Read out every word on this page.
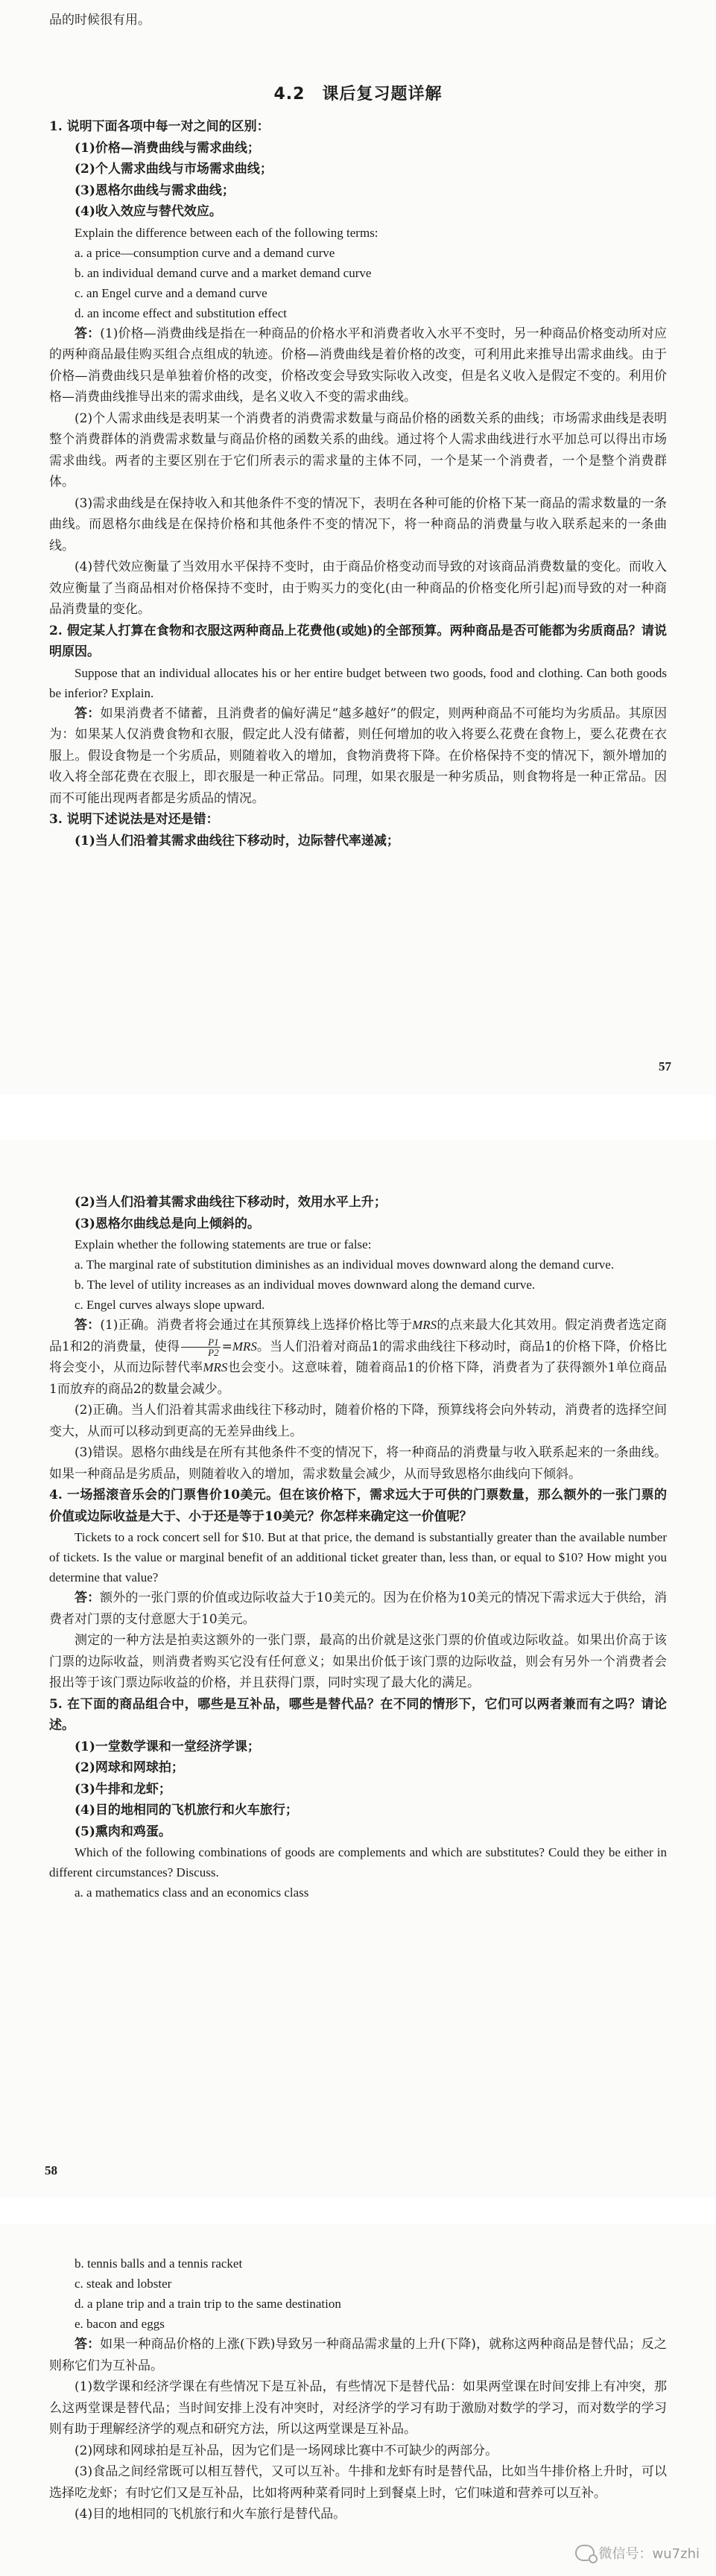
品的时候很有用。
4.2　课后复习题详解

1. 说明下面各项中每一对之间的区别：

(1)价格—消费曲线与需求曲线；

(2)个人需求曲线与市场需求曲线；

(3)恩格尔曲线与需求曲线；

(4)收入效应与替代效应。

Explain the difference between each of the following terms:

a. a price—consumption curve and a demand curve

b. an individual demand curve and a market demand curve

c. an Engel curve and a demand curve

d. an income effect and substitution effect

答：(1)价格—消费曲线是指在一种商品的价格水平和消费者收入水平不变时，另一种商品价格变动所对应的两种商品最佳购买组合点组成的轨迹。价格—消费曲线是着价格的改变，可利用此来推导出需求曲线。由于价格—消费曲线只是单独着价格的改变，价格改变会导致实际收入改变，但是名义收入是假定不变的。利用价格—消费曲线推导出来的需求曲线，是名义收入不变的需求曲线。

(2)个人需求曲线是表明某一个消费者的消费需求数量与商品价格的函数关系的曲线；市场需求曲线是表明整个消费群体的消费需求数量与商品价格的函数关系的曲线。通过将个人需求曲线进行水平加总可以得出市场需求曲线。两者的主要区别在于它们所表示的需求量的主体不同，一个是某一个消费者，一个是整个消费群体。

(3)需求曲线是在保持收入和其他条件不变的情况下，表明在各种可能的价格下某一商品的需求数量的一条曲线。而恩格尔曲线是在保持价格和其他条件不变的情况下，将一种商品的消费量与收入联系起来的一条曲线。

(4)替代效应衡量了当效用水平保持不变时，由于商品价格变动而导致的对该商品消费数量的变化。而收入效应衡量了当商品相对价格保持不变时，由于购买力的变化(由一种商品的价格变化所引起)而导致的对一种商品消费量的变化。

2. 假定某人打算在食物和衣服这两种商品上花费他(或她)的全部预算。两种商品是否可能都为劣质商品？请说明原因。

Suppose that an individual allocates his or her entire budget between two goods, food and clothing. Can both goods be inferior? Explain.

答：如果消费者不储蓄，且消费者的偏好满足“越多越好”的假定，则两种商品不可能均为劣质品。其原因为：如果某人仅消费食物和衣服，假定此人没有储蓄，则任何增加的收入将要么花费在食物上，要么花费在衣服上。假设食物是一个劣质品，则随着收入的增加，食物消费将下降。在价格保持不变的情况下，额外增加的收入将全部花费在衣服上，即衣服是一种正常品。同理，如果衣服是一种劣质品，则食物将是一种正常品。因而不可能出现两者都是劣质品的情况。

3. 说明下述说法是对还是错：

(1)当人们沿着其需求曲线往下移动时，边际替代率递减；

57

(2)当人们沿着其需求曲线往下移动时，效用水平上升；

(3)恩格尔曲线总是向上倾斜的。

Explain whether the following statements are true or false:

a. The marginal rate of substitution diminishes as an individual moves downward along the demand curve.

b. The level of utility increases as an individual moves downward along the demand curve.

c. Engel curves always slope upward.

答：(1)正确。消费者将会通过在其预算线上选择价格比等于MRS的点来最大化其效用。假定消费者选定商品1和2的消费量，使得 $\frac{P1}{P2} =MRS$。当人们沿着对商品1的需求曲线往下移动时，商品1的价格下降，价格比将会变小，从而边际替代率MRS也会变小。这意味着，随着商品1的价格下降，消费者为了获得额外1单位商品1而放弃的商品2的数量会减少。

(2)正确。当人们沿着其需求曲线往下移动时，随着价格的下降，预算线将会向外转动，消费者的选择空间变大，从而可以移动到更高的无差异曲线上。

(3)错误。恩格尔曲线是在所有其他条件不变的情况下，将一种商品的消费量与收入联系起来的一条曲线。如果一种商品是劣质品，则随着收入的增加，需求数量会减少，从而导致恩格尔曲线向下倾斜。

4. 一场摇滚音乐会的门票售价10美元。但在该价格下，需求远大于可供的门票数量，那么额外的一张门票的价值或边际收益是大于、小于还是等于10美元？你怎样来确定这一价值呢？

Tickets to a rock concert sell for $10. But at that price, the demand is substantially greater than the available number of tickets. Is the value or marginal benefit of an additional ticket greater than, less than, or equal to $10? How might you determine that value?

答：额外的一张门票的价值或边际收益大于10美元的。因为在价格为10美元的情况下需求远大于供给，消费者对门票的支付意愿大于10美元。

测定的一种方法是拍卖这额外的一张门票，最高的出价就是这张门票的价值或边际收益。如果出价高于该门票的边际收益，则消费者购买它没有任何意义；如果出价低于该门票的边际收益，则会有另外一个消费者会报出等于该门票边际收益的价格，并且获得门票，同时实现了最大化的满足。

5. 在下面的商品组合中，哪些是互补品，哪些是替代品？在不同的情形下，它们可以两者兼而有之吗？请论述。

(1)一堂数学课和一堂经济学课；

(2)网球和网球拍；

(3)牛排和龙虾；

(4)目的地相同的飞机旅行和火车旅行；

(5)熏肉和鸡蛋。

Which of the following combinations of goods are complements and which are substitutes? Could they be either in different circumstances? Discuss.

a. a mathematics class and an economics class

58

b. tennis balls and a tennis racket

c. steak and lobster

d. a plane trip and a train trip to the same destination

e. bacon and eggs

答：如果一种商品价格的上涨(下跌)导致另一种商品需求量的上升(下降)，就称这两种商品是替代品；反之则称它们为互补品。

(1)数学课和经济学课在有些情况下是互补品，有些情况下是替代品：如果两堂课在时间安排上有冲突，那么这两堂课是替代品；当时间安排上没有冲突时，对经济学的学习有助于激励对数学的学习，而对数学的学习则有助于理解经济学的观点和研究方法，所以这两堂课是互补品。

(2)网球和网球拍是互补品，因为它们是一场网球比赛中不可缺少的两部分。

(3)食品之间经常既可以相互替代，又可以互补。牛排和龙虾有时是替代品，比如当牛排价格上升时，可以选择吃龙虾；有时它们又是互补品，比如将两种菜肴同时上到餐桌上时，它们味道和营养可以互补。

(4)目的地相同的飞机旅行和火车旅行是替代品。

微信号：wu7zhi
